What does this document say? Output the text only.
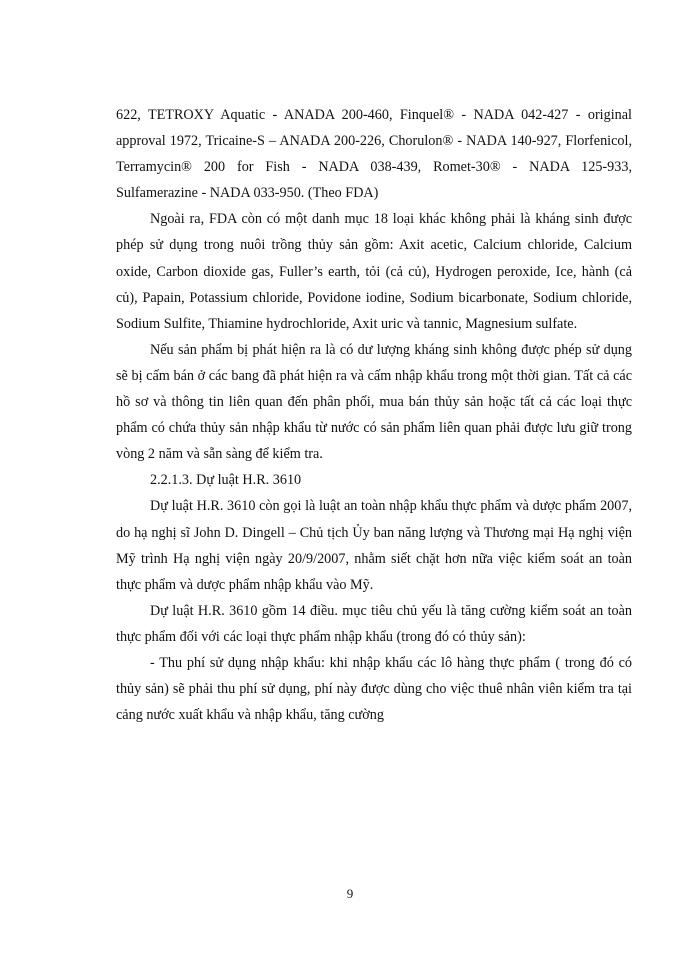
622, TETROXY Aquatic - ANADA 200-460, Finquel® - NADA 042-427 - original approval 1972, Tricaine-S – ANADA 200-226, Chorulon® - NADA 140-927, Florfenicol, Terramycin® 200 for Fish - NADA 038-439, Romet-30® - NADA 125-933, Sulfamerazine - NADA 033-950. (Theo FDA)

Ngoài ra, FDA còn có một danh mục 18 loại khác không phải là kháng sinh được phép sử dụng trong nuôi trồng thủy sản gồm: Axit acetic, Calcium chloride, Calcium oxide, Carbon dioxide gas, Fuller’s earth, tỏi (cả củ), Hydrogen peroxide, Ice, hành (cả củ), Papain, Potassium chloride, Povidone iodine, Sodium bicarbonate, Sodium chloride, Sodium Sulfite, Thiamine hydrochloride, Axit uric và tannic, Magnesium sulfate.

Nếu sản phẩm bị phát hiện ra là có dư lượng kháng sinh không được phép sử dụng sẽ bị cấm bán ở các bang đã phát hiện ra và cấm nhập khẩu trong một thời gian. Tất cả các hồ sơ và thông tin liên quan đến phân phối, mua bán thủy sản hoặc tất cả các loại thực phẩm có chứa thủy sản nhập khẩu từ nước có sản phẩm liên quan phải được lưu giữ trong vòng 2 năm và sẵn sàng để kiểm tra.

2.2.1.3. Dự luật H.R. 3610

Dự luật H.R. 3610 còn gọi là luật an toàn nhập khẩu thực phẩm và dược phẩm 2007, do hạ nghị sĩ John D. Dingell – Chủ tịch Ủy ban năng lượng và Thương mại Hạ nghị viện Mỹ trình Hạ nghị viện ngày 20/9/2007, nhằm siết chặt hơn nữa việc kiểm soát an toàn thực phẩm và dược phẩm nhập khẩu vào Mỹ.

Dự luật H.R. 3610 gồm 14 điều. mục tiêu chủ yếu là tăng cường kiểm soát an toàn thực phẩm đối với các loại thực phẩm nhập khẩu (trong đó có thủy sản):

- Thu phí sử dụng nhập khẩu: khi nhập khẩu các lô hàng thực phẩm ( trong đó có thủy sản) sẽ phải thu phí sử dụng, phí này được dùng cho việc thuê nhân viên kiểm tra tại cảng nước xuất khẩu và nhập khẩu, tăng cường

9
